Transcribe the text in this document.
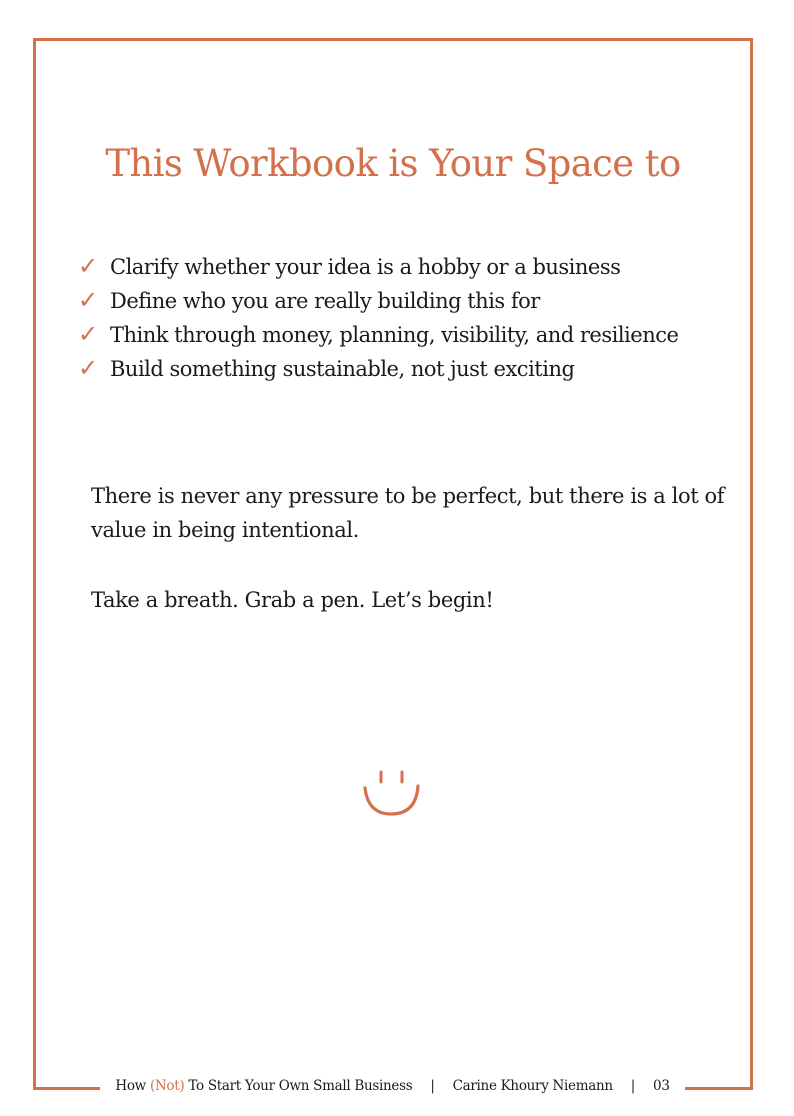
This Workbook is Your Space to
✓ Clarify whether your idea is a hobby or a business
✓ Define who you are really building this for
✓ Think through money, planning, visibility, and resilience
✓ Build something sustainable, not just exciting

There is never any pressure to be perfect, but there is a lot of value in being intentional.

Take a breath. Grab a pen. Let’s begin!

How (Not) To Start Your Own Small Business | Carine Khoury Niemann | 03
